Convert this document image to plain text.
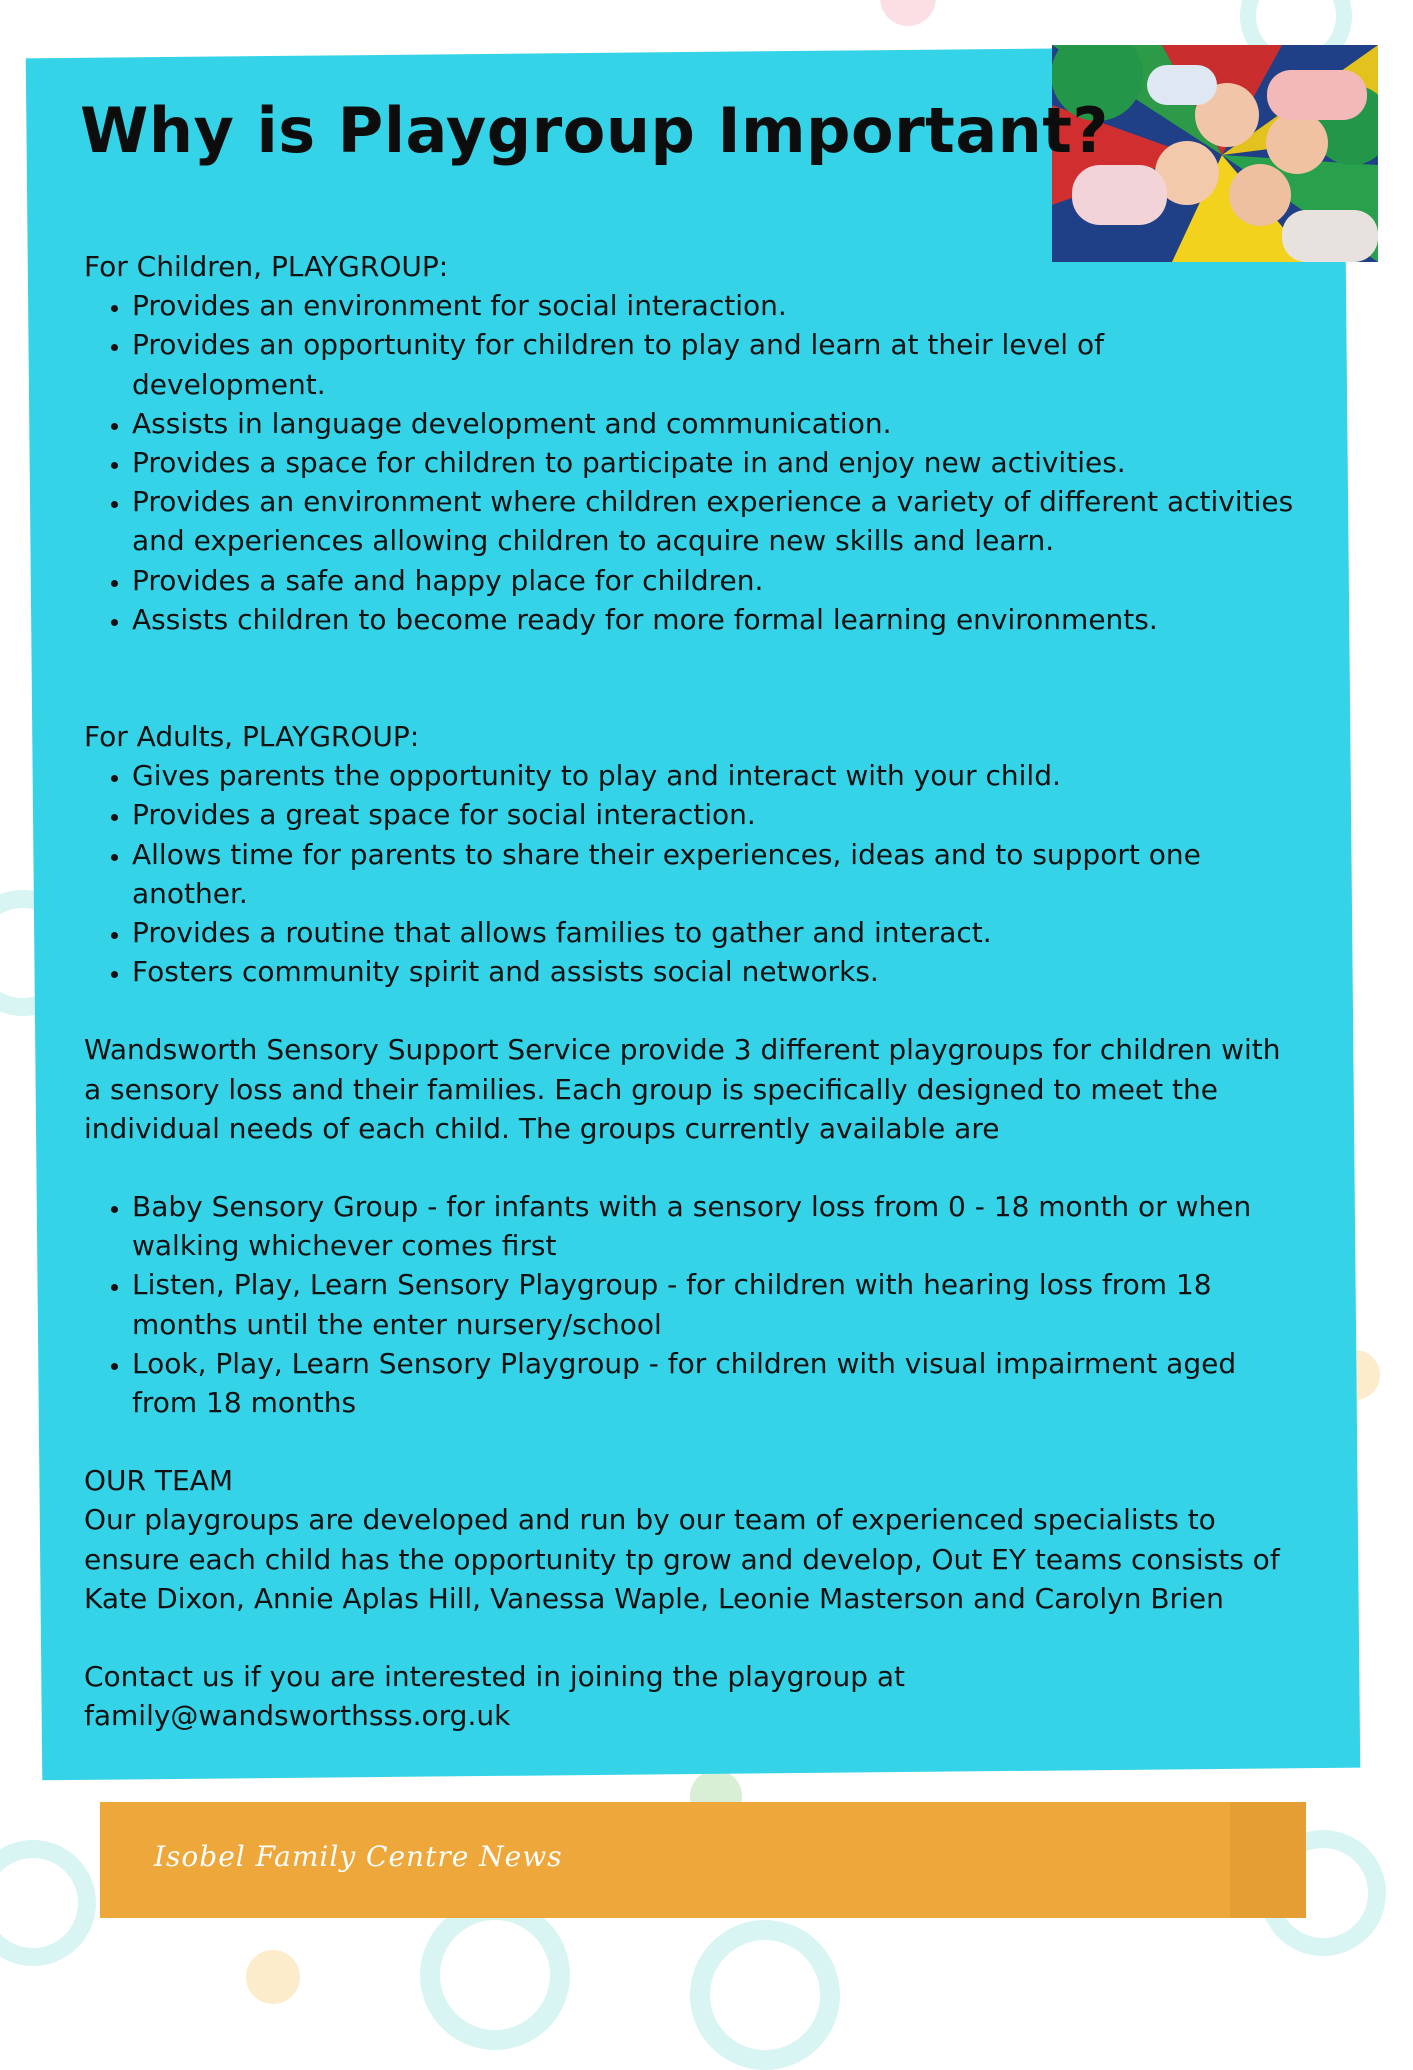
Why is Playgroup Important?

For Children, PLAYGROUP:

• Provides an environment for social interaction.
• Provides an opportunity for children to play and learn at their level of development.
• Assists in language development and communication.
• Provides a space for children to participate in and enjoy new activities.
• Provides an environment where children experience a variety of different activities and experiences allowing children to acquire new skills and learn.
• Provides a safe and happy place for children.
• Assists children to become ready for more formal learning environments.

For Adults, PLAYGROUP:

• Gives parents the opportunity to play and interact with your child.
• Provides a great space for social interaction.
• Allows time for parents to share their experiences, ideas and to support one another.
• Provides a routine that allows families to gather and interact.
• Fosters community spirit and assists social networks.

Wandsworth Sensory Support Service provide 3 different playgroups for children with a sensory loss and their families. Each group is specifically designed to meet the individual needs of each child. The groups currently available are

• Baby Sensory Group - for infants with a sensory loss from 0 - 18 month or when walking whichever comes first
• Listen, Play, Learn Sensory Playgroup - for children with hearing loss from 18 months until the enter nursery/school
• Look, Play, Learn Sensory Playgroup - for children with visual impairment aged from 18 months

OUR TEAM

Our playgroups are developed and run by our team of experienced specialists to ensure each child has the opportunity tp grow and develop, Out EY teams consists of Kate Dixon, Annie Aplas Hill, Vanessa Waple, Leonie Masterson and Carolyn Brien

Contact us if you are interested in joining the playgroup at

family@wandsworthsss.org.uk

Isobel Family Centre News
